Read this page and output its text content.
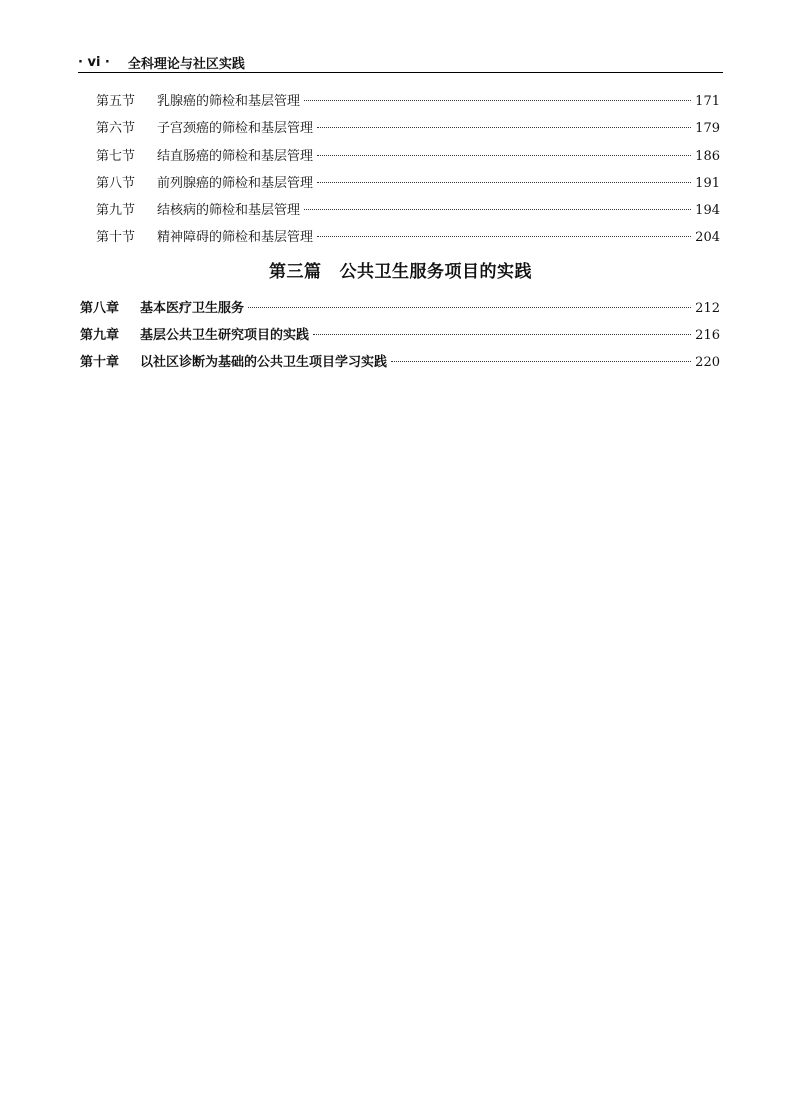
· vi · 全科理论与社区实践
第五节	乳腺癌的筛检和基层管理	171
第六节	子宫颈癌的筛检和基层管理	179
第七节	结直肠癌的筛检和基层管理	186
第八节	前列腺癌的筛检和基层管理	191
第九节	结核病的筛检和基层管理	194
第十节	精神障碍的筛检和基层管理	204
第三篇 公共卫生服务项目的实践
第八章	基本医疗卫生服务	212
第九章	基层公共卫生研究项目的实践	216
第十章	以社区诊断为基础的公共卫生项目学习实践	220
